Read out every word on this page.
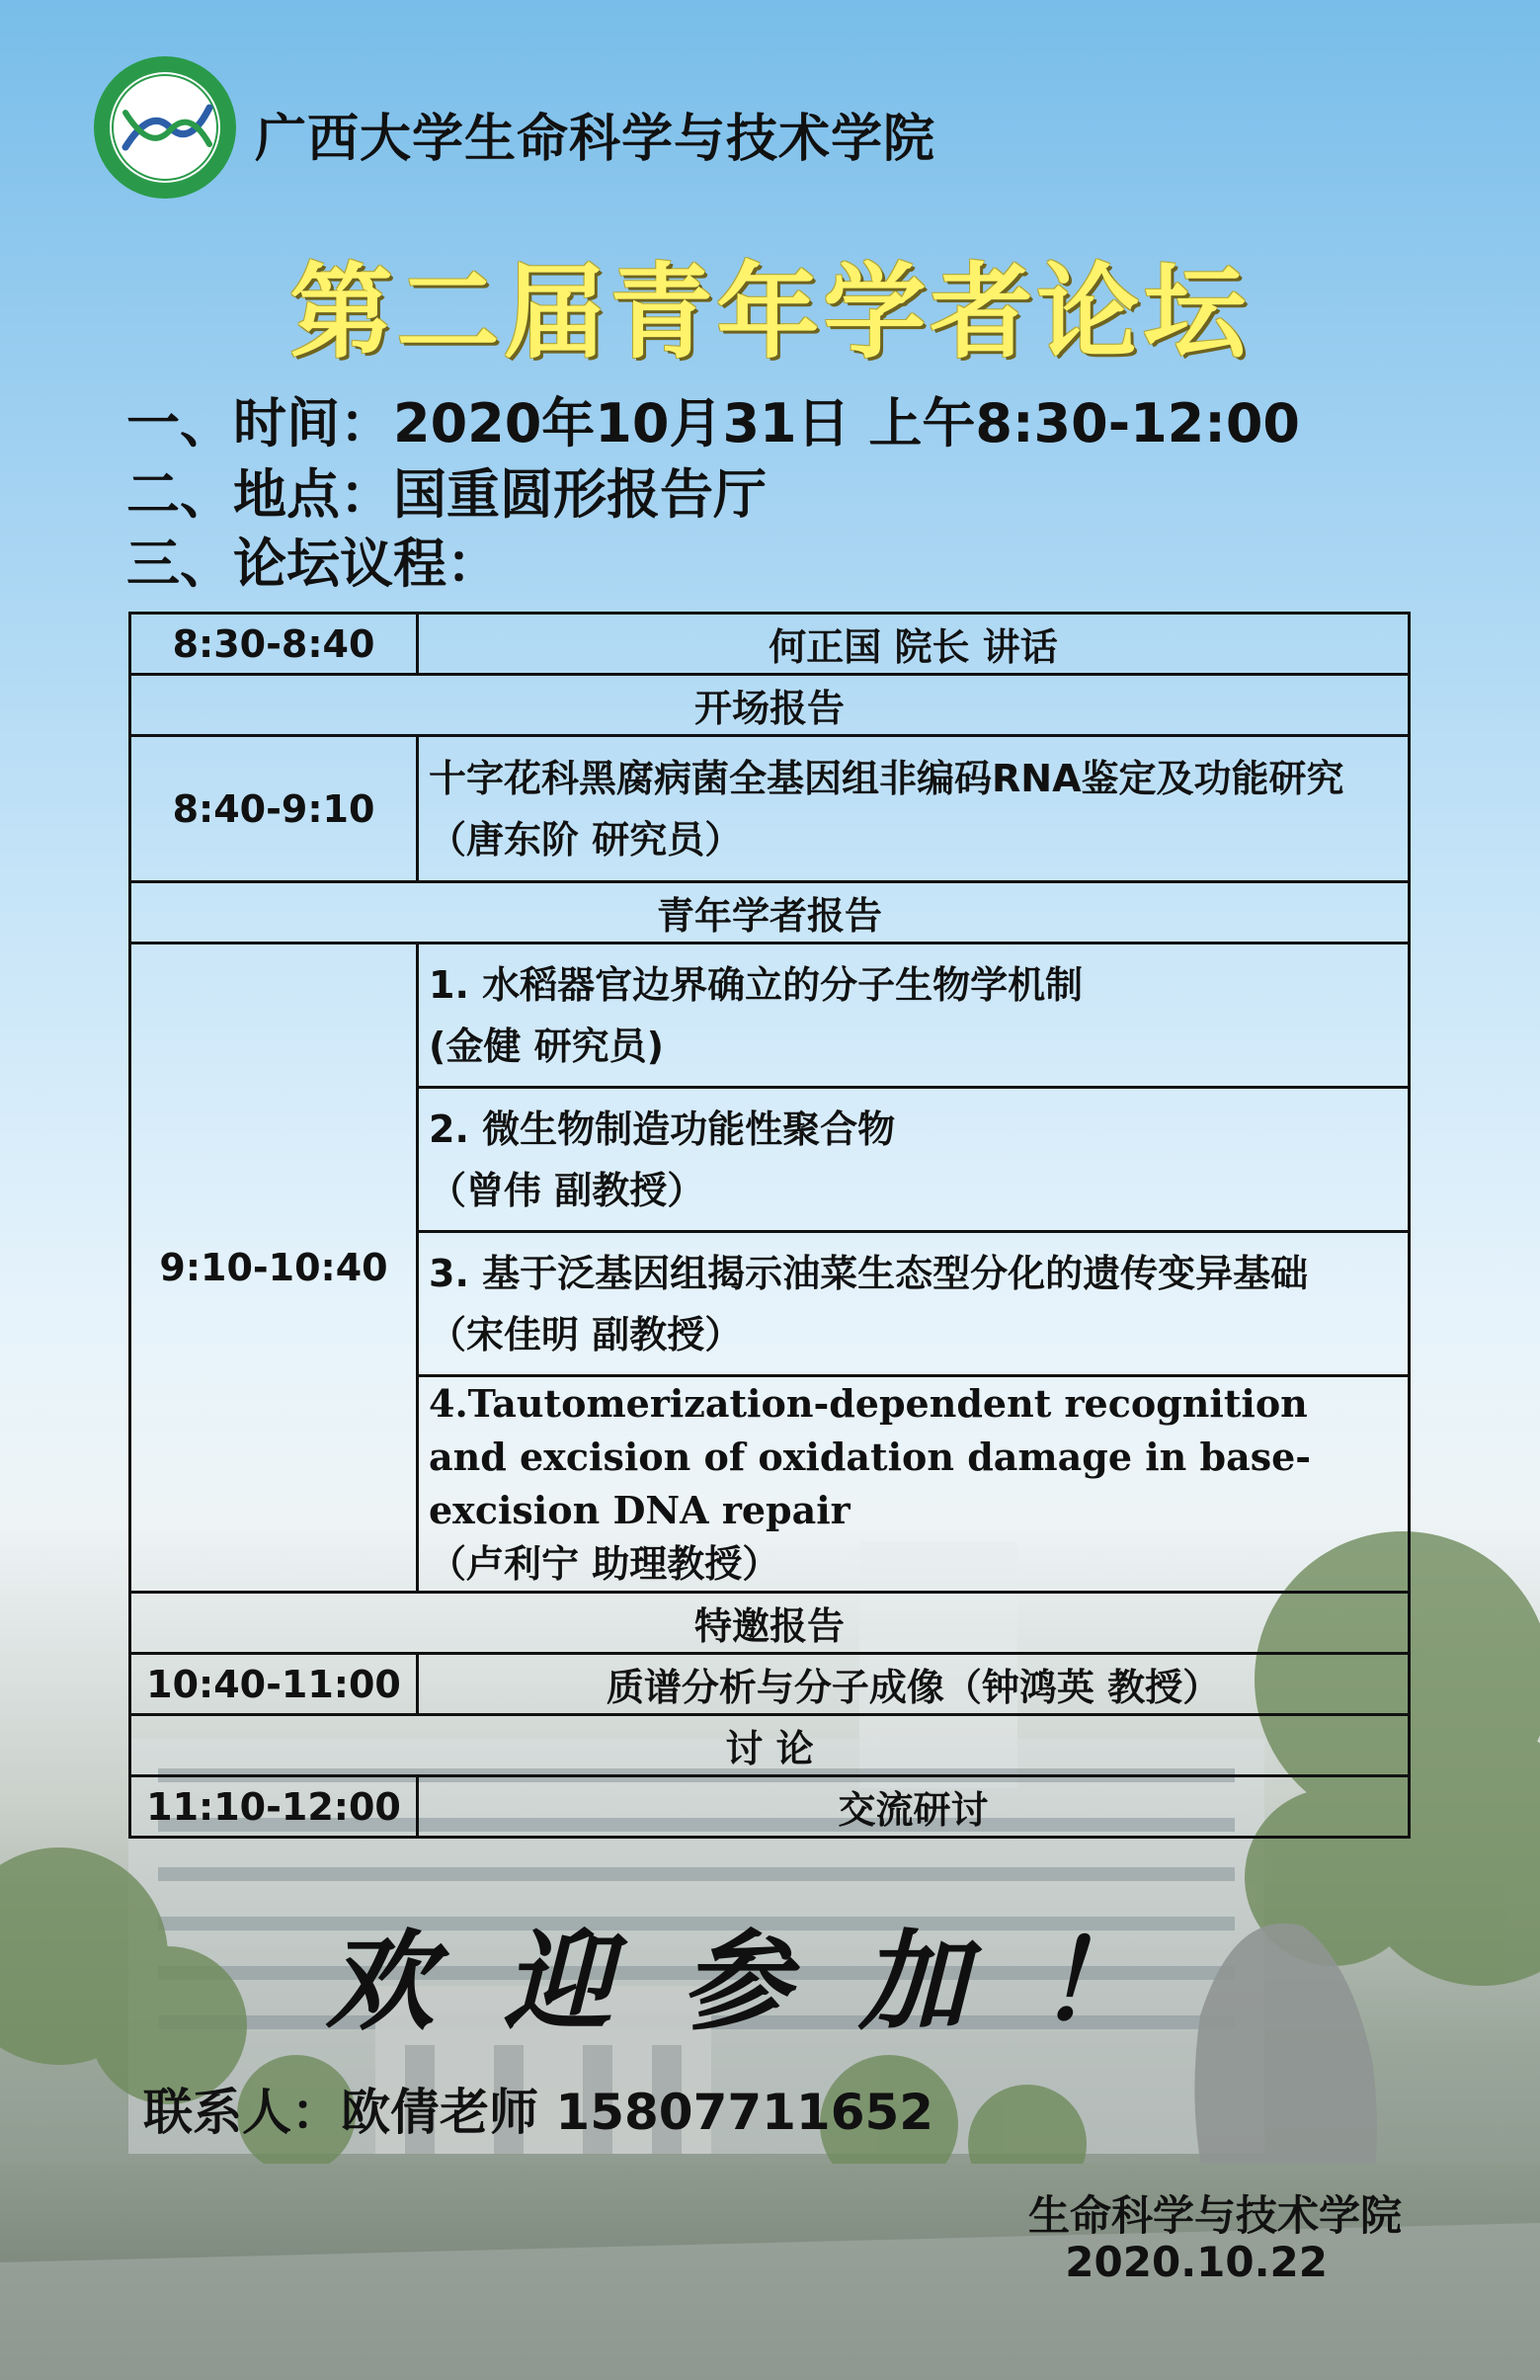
广西大学生命科学与技术学院
第二届青年学者论坛
一、时间：2020年10月31日 上午8:30-12:00
二、地点：国重圆形报告厅
三、论坛议程：
8:30-8:40	何正国 院长 讲话
开场报告	
8:40-9:10	十字花科黑腐病菌全基因组非编码RNA鉴定及功能研究（唐东阶 研究员）
青年学者报告	
9:10-10:40	1. 水稻器官边界确立的分子生物学机制
(金健 研究员)

	2. 微生物制造功能性聚合物
（曾伟 副教授）

	3. 基于泛基因组揭示油菜生态型分化的遗传变异基础
（宋佳明 副教授）

	4.Tautomerization-dependent recognition and excision of oxidation damage in base-excision DNA repair
（卢利宁 助理教授）

特邀报告	
10:40-11:00	质谱分析与分子成像（钟鸿英 教授）
讨 论	
11:10-12:00	交流研讨
欢迎参加！
联系人：欧倩老师 15807711652
生命科学与技术学院
2020.10.22
